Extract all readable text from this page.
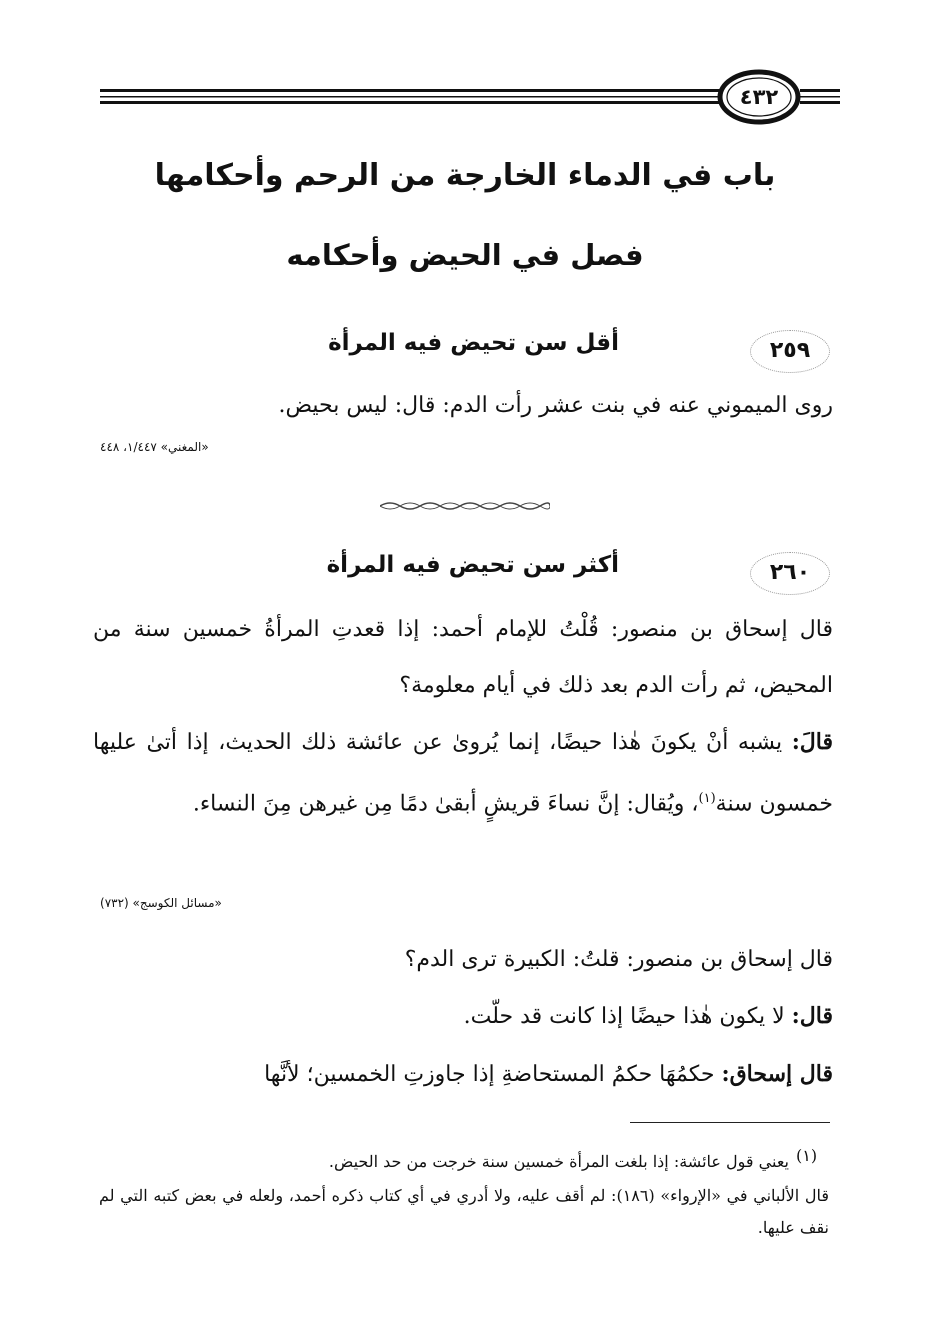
٤٣٢
باب في الدماء الخارجة من الرحم وأحكامها
فصل في الحيض وأحكامه
٢٥٩
أقل سن تحيض فيه المرأة
روى الميموني عنه في بنت عشر رأت الدم: قال: ليس بحيض.
«المغني» ١/٤٤٧، ٤٤٨
٢٦٠
أكثر سن تحيض فيه المرأة
قال إسحاق بن منصور: قُلْتُ للإمام أحمد: إذا قعدتِ المرأةُ خمسين سنة من المحيض، ثم رأت الدم بعد ذلك في أيام معلومة؟
قالَ: يشبه أنْ يكونَ هٰذا حيضًا، إنما يُروىٰ عن عائشة ذلك الحديث، إذا أتىٰ عليها خمسون سنة$^{(١)}$، ويُقال: إنَّ نساءَ قريشٍ أبقىٰ دمًا مِن غيرهن مِنَ النساء.
«مسائل الكوسج» (٧٣٢)
قال إسحاق بن منصور: قلتُ: الكبيرة ترى الدم؟
قال: لا يكون هٰذا حيضًا إذا كانت قد حلّت.
قال إسحاق: حكمُهَا حكمُ المستحاضةِ إذا جاوزتِ الخمسين؛ لأنَّها
(١)
يعني قول عائشة: إذا بلغت المرأة خمسين سنة خرجت من حد الحيض.
قال الألباني في «الإرواء» (١٨٦): لم أقف عليه، ولا أدري في أي كتاب ذكره أحمد، ولعله في بعض كتبه التي لم نقف عليها.
